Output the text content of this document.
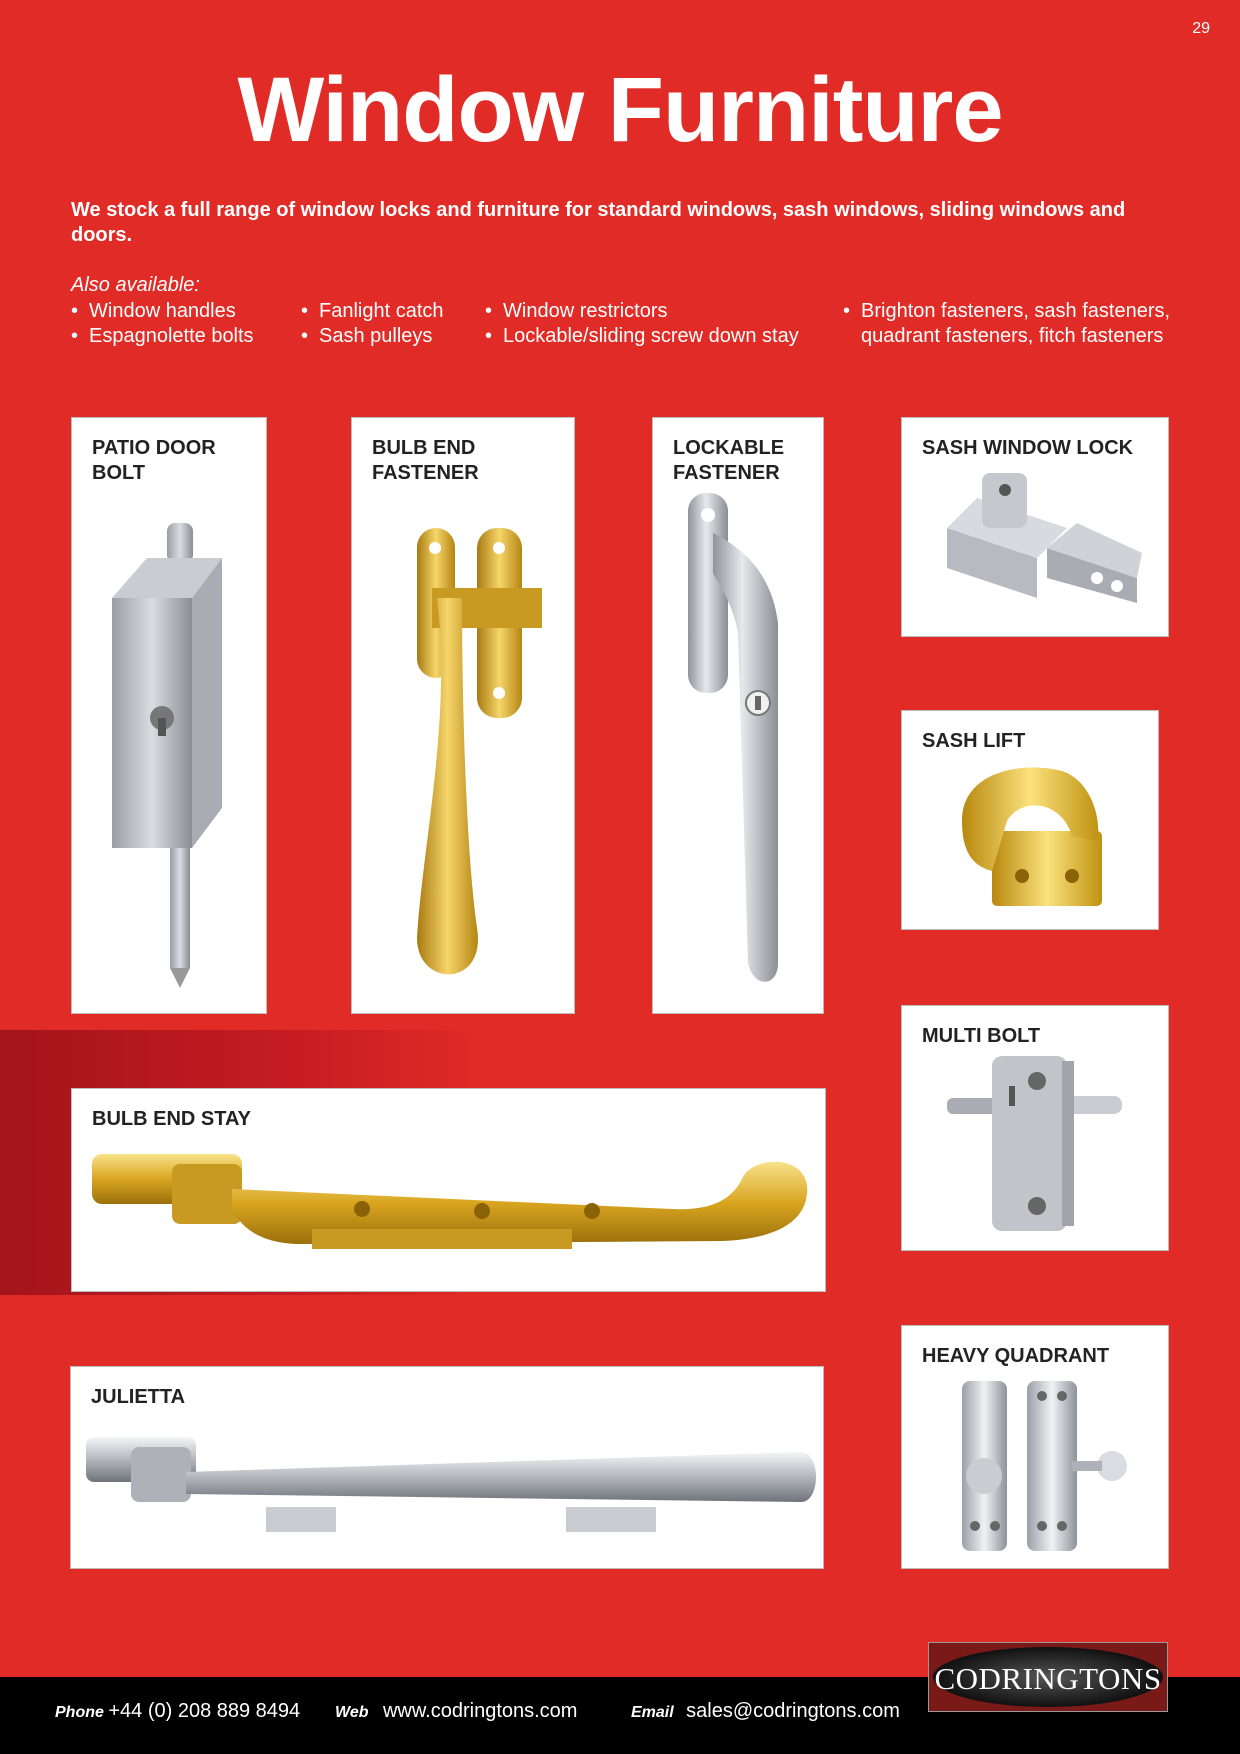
29
Window Furniture
We stock a full range of window locks and furniture for standard windows, sash windows, sliding windows and doors.
Also available:
• Window handles
• Espagnolette bolts
• Fanlight catch
• Sash pulleys
• Window restrictors
• Lockable/sliding screw down stay
• Brighton fasteners, sash fasteners,
quadrant fasteners, fitch fasteners
PATIO DOOR
BOLT
BULB END
FASTENER
LOCKABLE
FASTENER
SASH WINDOW LOCK
SASH LIFT
MULTI BOLT
BULB END STAY
JULIETTA
HEAVY QUADRANT
Phone +44 (0) 208 889 8494 Web www.codringtons.com	Email sales@codringtons.com
CODRINGTONS
